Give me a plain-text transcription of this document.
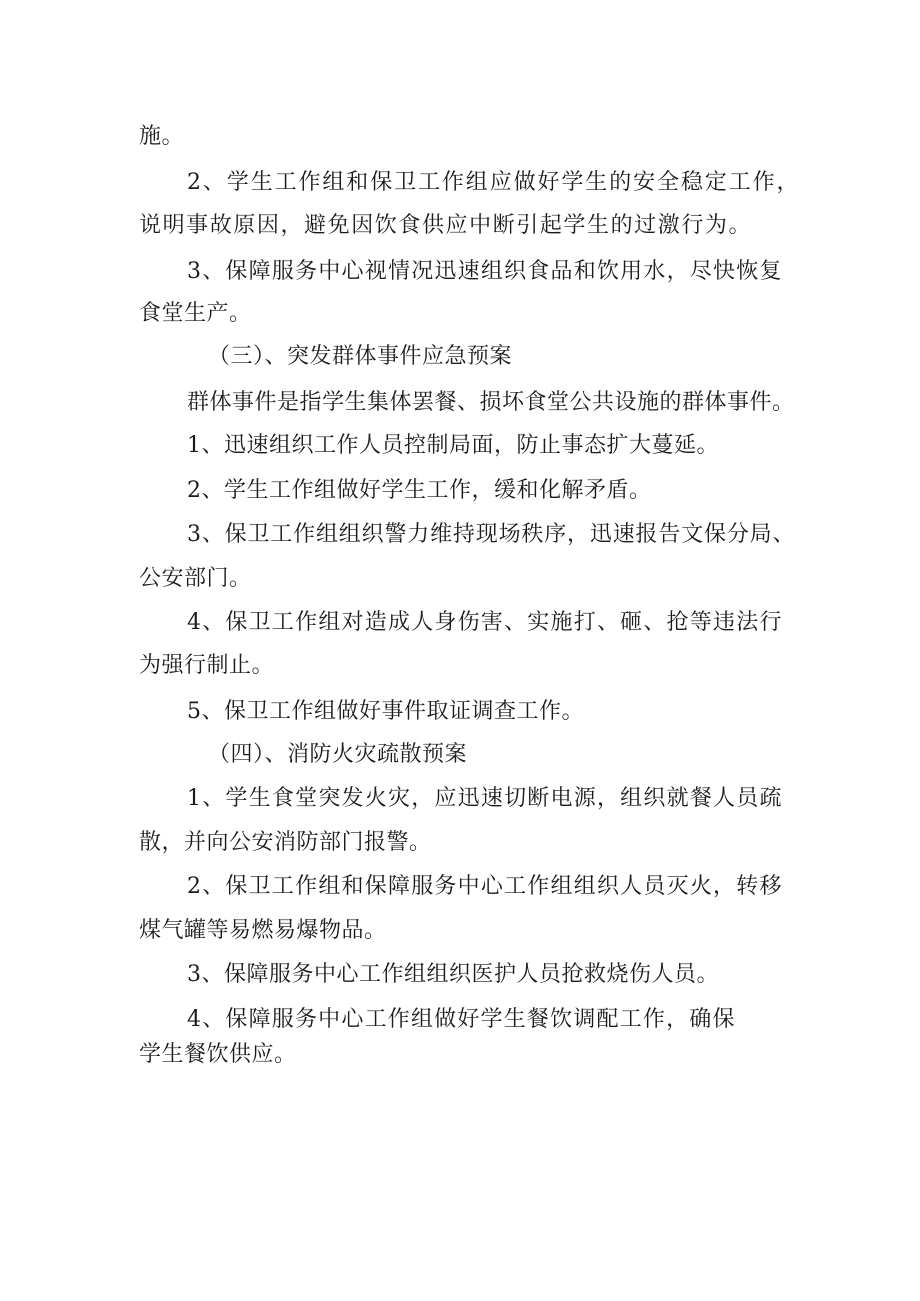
施。
2、学生工作组和保卫工作组应做好学生的安全稳定工作，
说明事故原因，避免因饮食供应中断引起学生的过激行为。
3、保障服务中心视情况迅速组织食品和饮用水，尽快恢复
食堂生产。
（三）、突发群体事件应急预案
群体事件是指学生集体罢餐、损坏食堂公共设施的群体事件。
1、迅速组织工作人员控制局面，防止事态扩大蔓延。
2、学生工作组做好学生工作，缓和化解矛盾。
3、保卫工作组组织警力维持现场秩序，迅速报告文保分局、
公安部门。
4、保卫工作组对造成人身伤害、实施打、砸、抢等违法行
为强行制止。
5、保卫工作组做好事件取证调查工作。
（四）、消防火灾疏散预案
1、学生食堂突发火灾，应迅速切断电源，组织就餐人员疏
散，并向公安消防部门报警。
2、保卫工作组和保障服务中心工作组组织人员灭火，转移
煤气罐等易燃易爆物品。
3、保障服务中心工作组组织医护人员抢救烧伤人员。
4、保障服务中心工作组做好学生餐饮调配工作，确保
学生餐饮供应。
